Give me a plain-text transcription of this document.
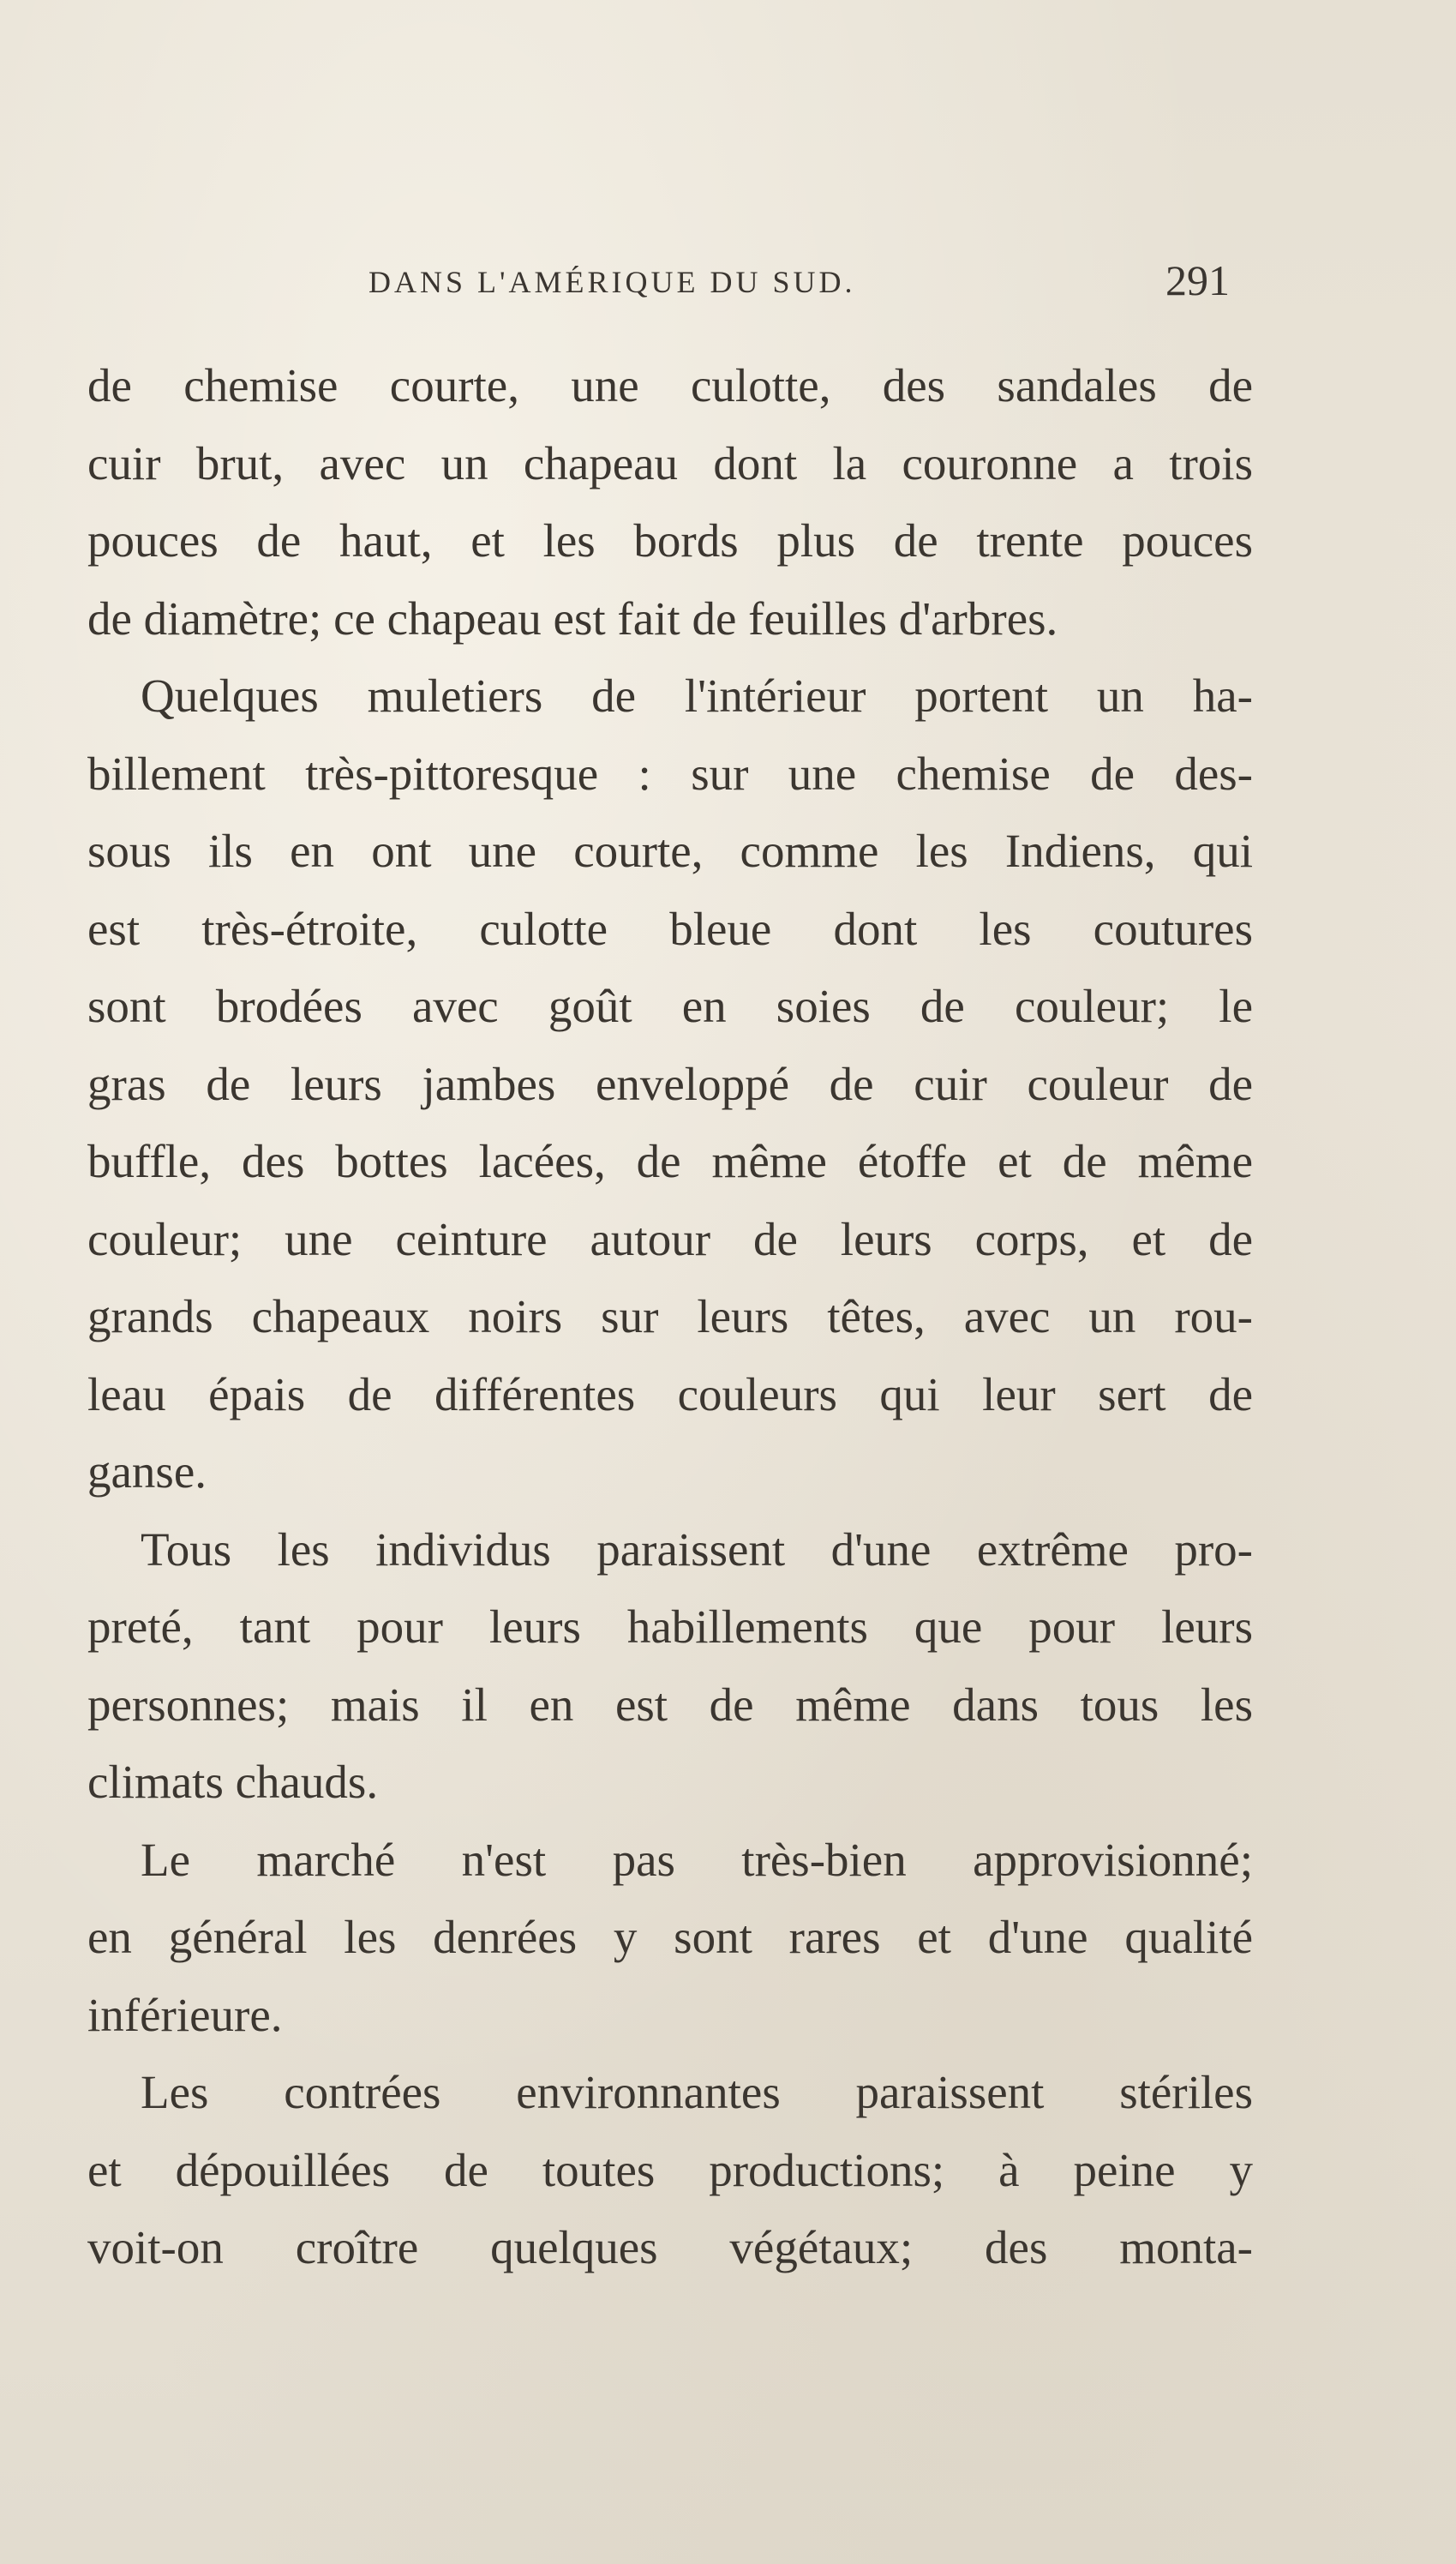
DANS L'AMÉRIQUE DU SUD.	291
de chemise courte, une culotte, des sandales de
cuir brut, avec un chapeau dont la couronne a trois
pouces de haut, et les bords plus de trente pouces
de diamètre; ce chapeau est fait de feuilles d'arbres.
Quelques muletiers de l'intérieur portent un ha-
billement très-pittoresque : sur une chemise de des-
sous ils en ont une courte, comme les Indiens, qui
est très-étroite, culotte bleue dont les coutures
sont brodées avec goût en soies de couleur; le
gras de leurs jambes enveloppé de cuir couleur de
buffle, des bottes lacées, de même étoffe et de même
couleur; une ceinture autour de leurs corps, et de
grands chapeaux noirs sur leurs têtes, avec un rou-
leau épais de différentes couleurs qui leur sert de
ganse.
Tous les individus paraissent d'une extrême pro-
preté, tant pour leurs habillements que pour leurs
personnes; mais il en est de même dans tous les
climats chauds.
Le marché n'est pas très-bien approvisionné;
en général les denrées y sont rares et d'une qualité
inférieure.
Les contrées environnantes paraissent stériles
et dépouillées de toutes productions; à peine y
voit-on croître quelques végétaux; des monta-
